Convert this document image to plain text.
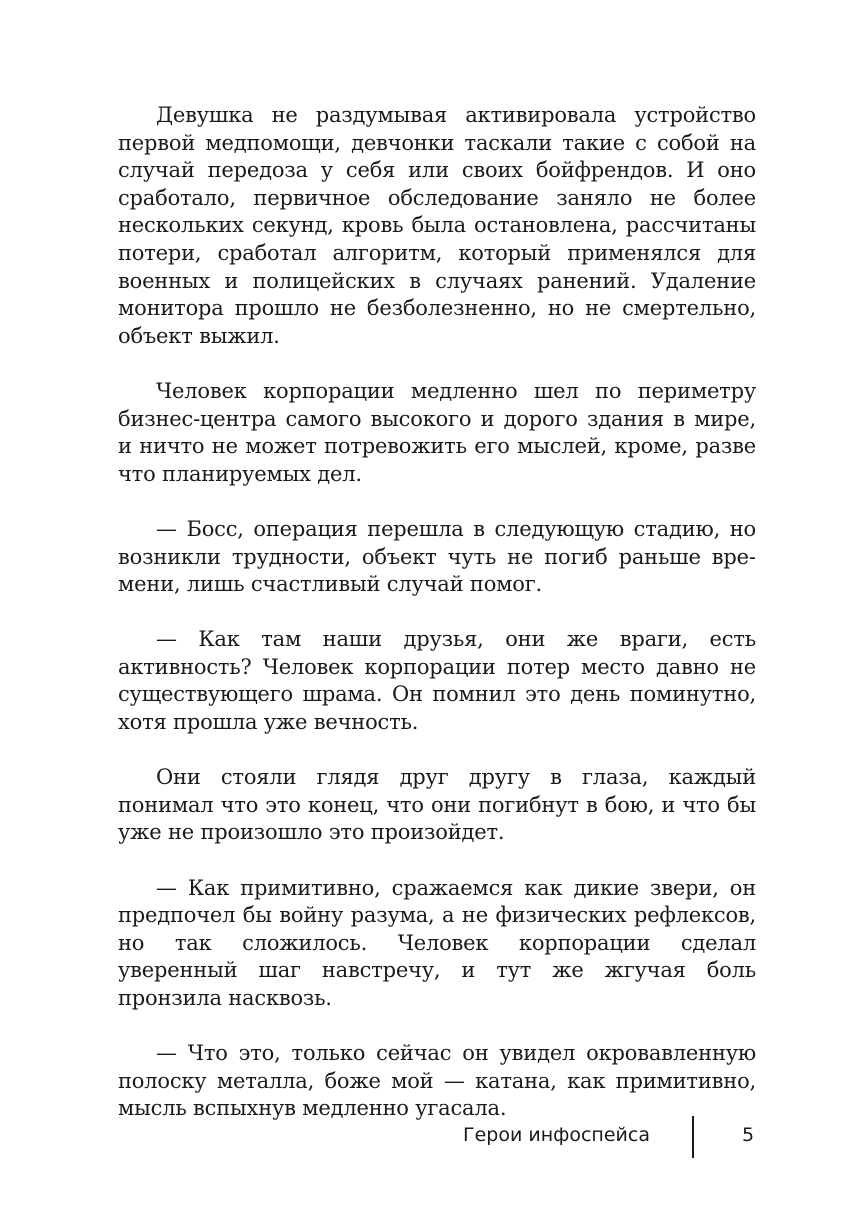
Девушка не раздумывая активировала устройство первой медпомощи, девчонки таскали такие с собой на случай передоза у себя или своих бойфрендов. И оно сработало, первичное обследование заняло не более нескольких секунд, кровь была остановлена, рассчитаны потери, сработал алгоритм, который применялся для военных и полицейских в случаях ранений. Удаление монитора прошло не безболезненно, но не смертельно, объект выжил.

Человек корпорации медленно шел по периметру бизнес-центра самого высокого и дорого здания в мире, и ничто не может потревожить его мыслей, кроме, разве что планируемых дел.

— Босс, операция перешла в следующую стадию, но возникли трудности, объект чуть не погиб раньше времени, лишь счастливый случай помог.

— Как там наши друзья, они же враги, есть активность? Человек корпорации потер место давно не существующего шрама. Он помнил это день поминутно, хотя прошла уже вечность.

Они стояли глядя друг другу в глаза, каждый понимал что это конец, что они погибнут в бою, и что бы уже не произошло это произойдет.

— Как примитивно, сражаемся как дикие звери, он предпочел бы войну разума, а не физических рефлексов, но так сложилось. Человек корпорации сделал уверенный шаг навстречу, и тут же жгучая боль пронзила насквозь.

— Что это, только сейчас он увидел окровавленную полоску металла, боже мой — катана, как примитивно, мысль вспыхнув медленно угасала.

Герои инфоспейса	5
